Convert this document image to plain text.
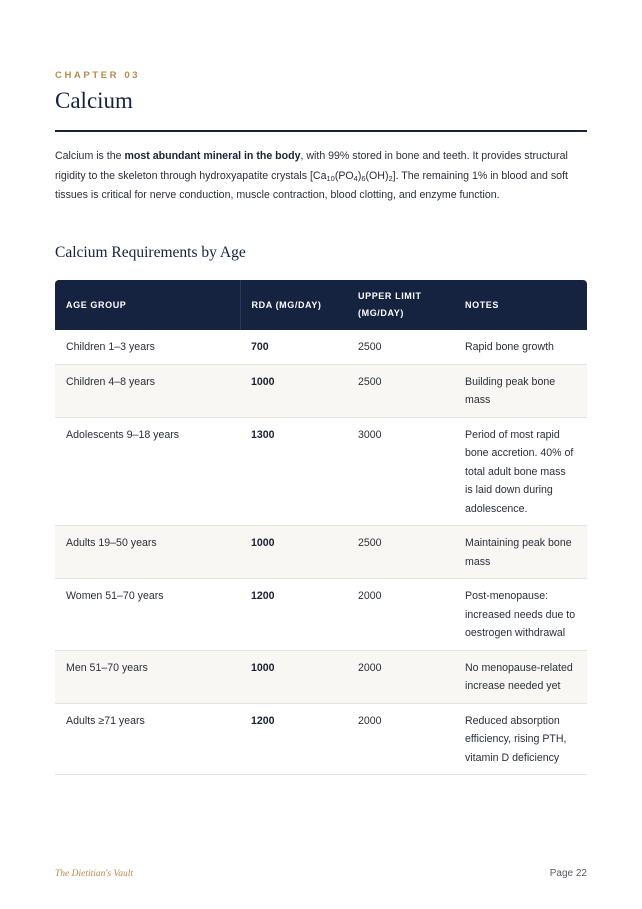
CHAPTER 03
Calcium

Calcium is the most abundant mineral in the body, with 99% stored in bone and teeth. It provides structural rigidity to the skeleton through hydroxyapatite crystals $[Ca_{10}(PO_4)_6(OH)_2]$. The remaining 1% in blood and soft tissues is critical for nerve conduction, muscle contraction, blood clotting, and enzyme function.

Calcium Requirements by Age
AGE GROUP	RDA (MG/DAY)	UPPER LIMIT (MG/DAY)	NOTES
Children 1–3 years	700	2500	Rapid bone growth
Children 4–8 years	1000	2500	Building peak bone mass
Adolescents 9–18 years	1300	3000	Period of most rapid bone accretion. 40% of total adult bone mass is laid down during adolescence.
Adults 19–50 years	1000	2500	Maintaining peak bone mass
Women 51–70 years	1200	2000	Post-menopause: increased needs due to oestrogen withdrawal
Men 51–70 years	1000	2000	No menopause-related increase needed yet
Adults ≥71 years	1200	2000	Reduced absorption efficiency, rising PTH, vitamin D deficiency
The Dietitian's Vault	Page 22
